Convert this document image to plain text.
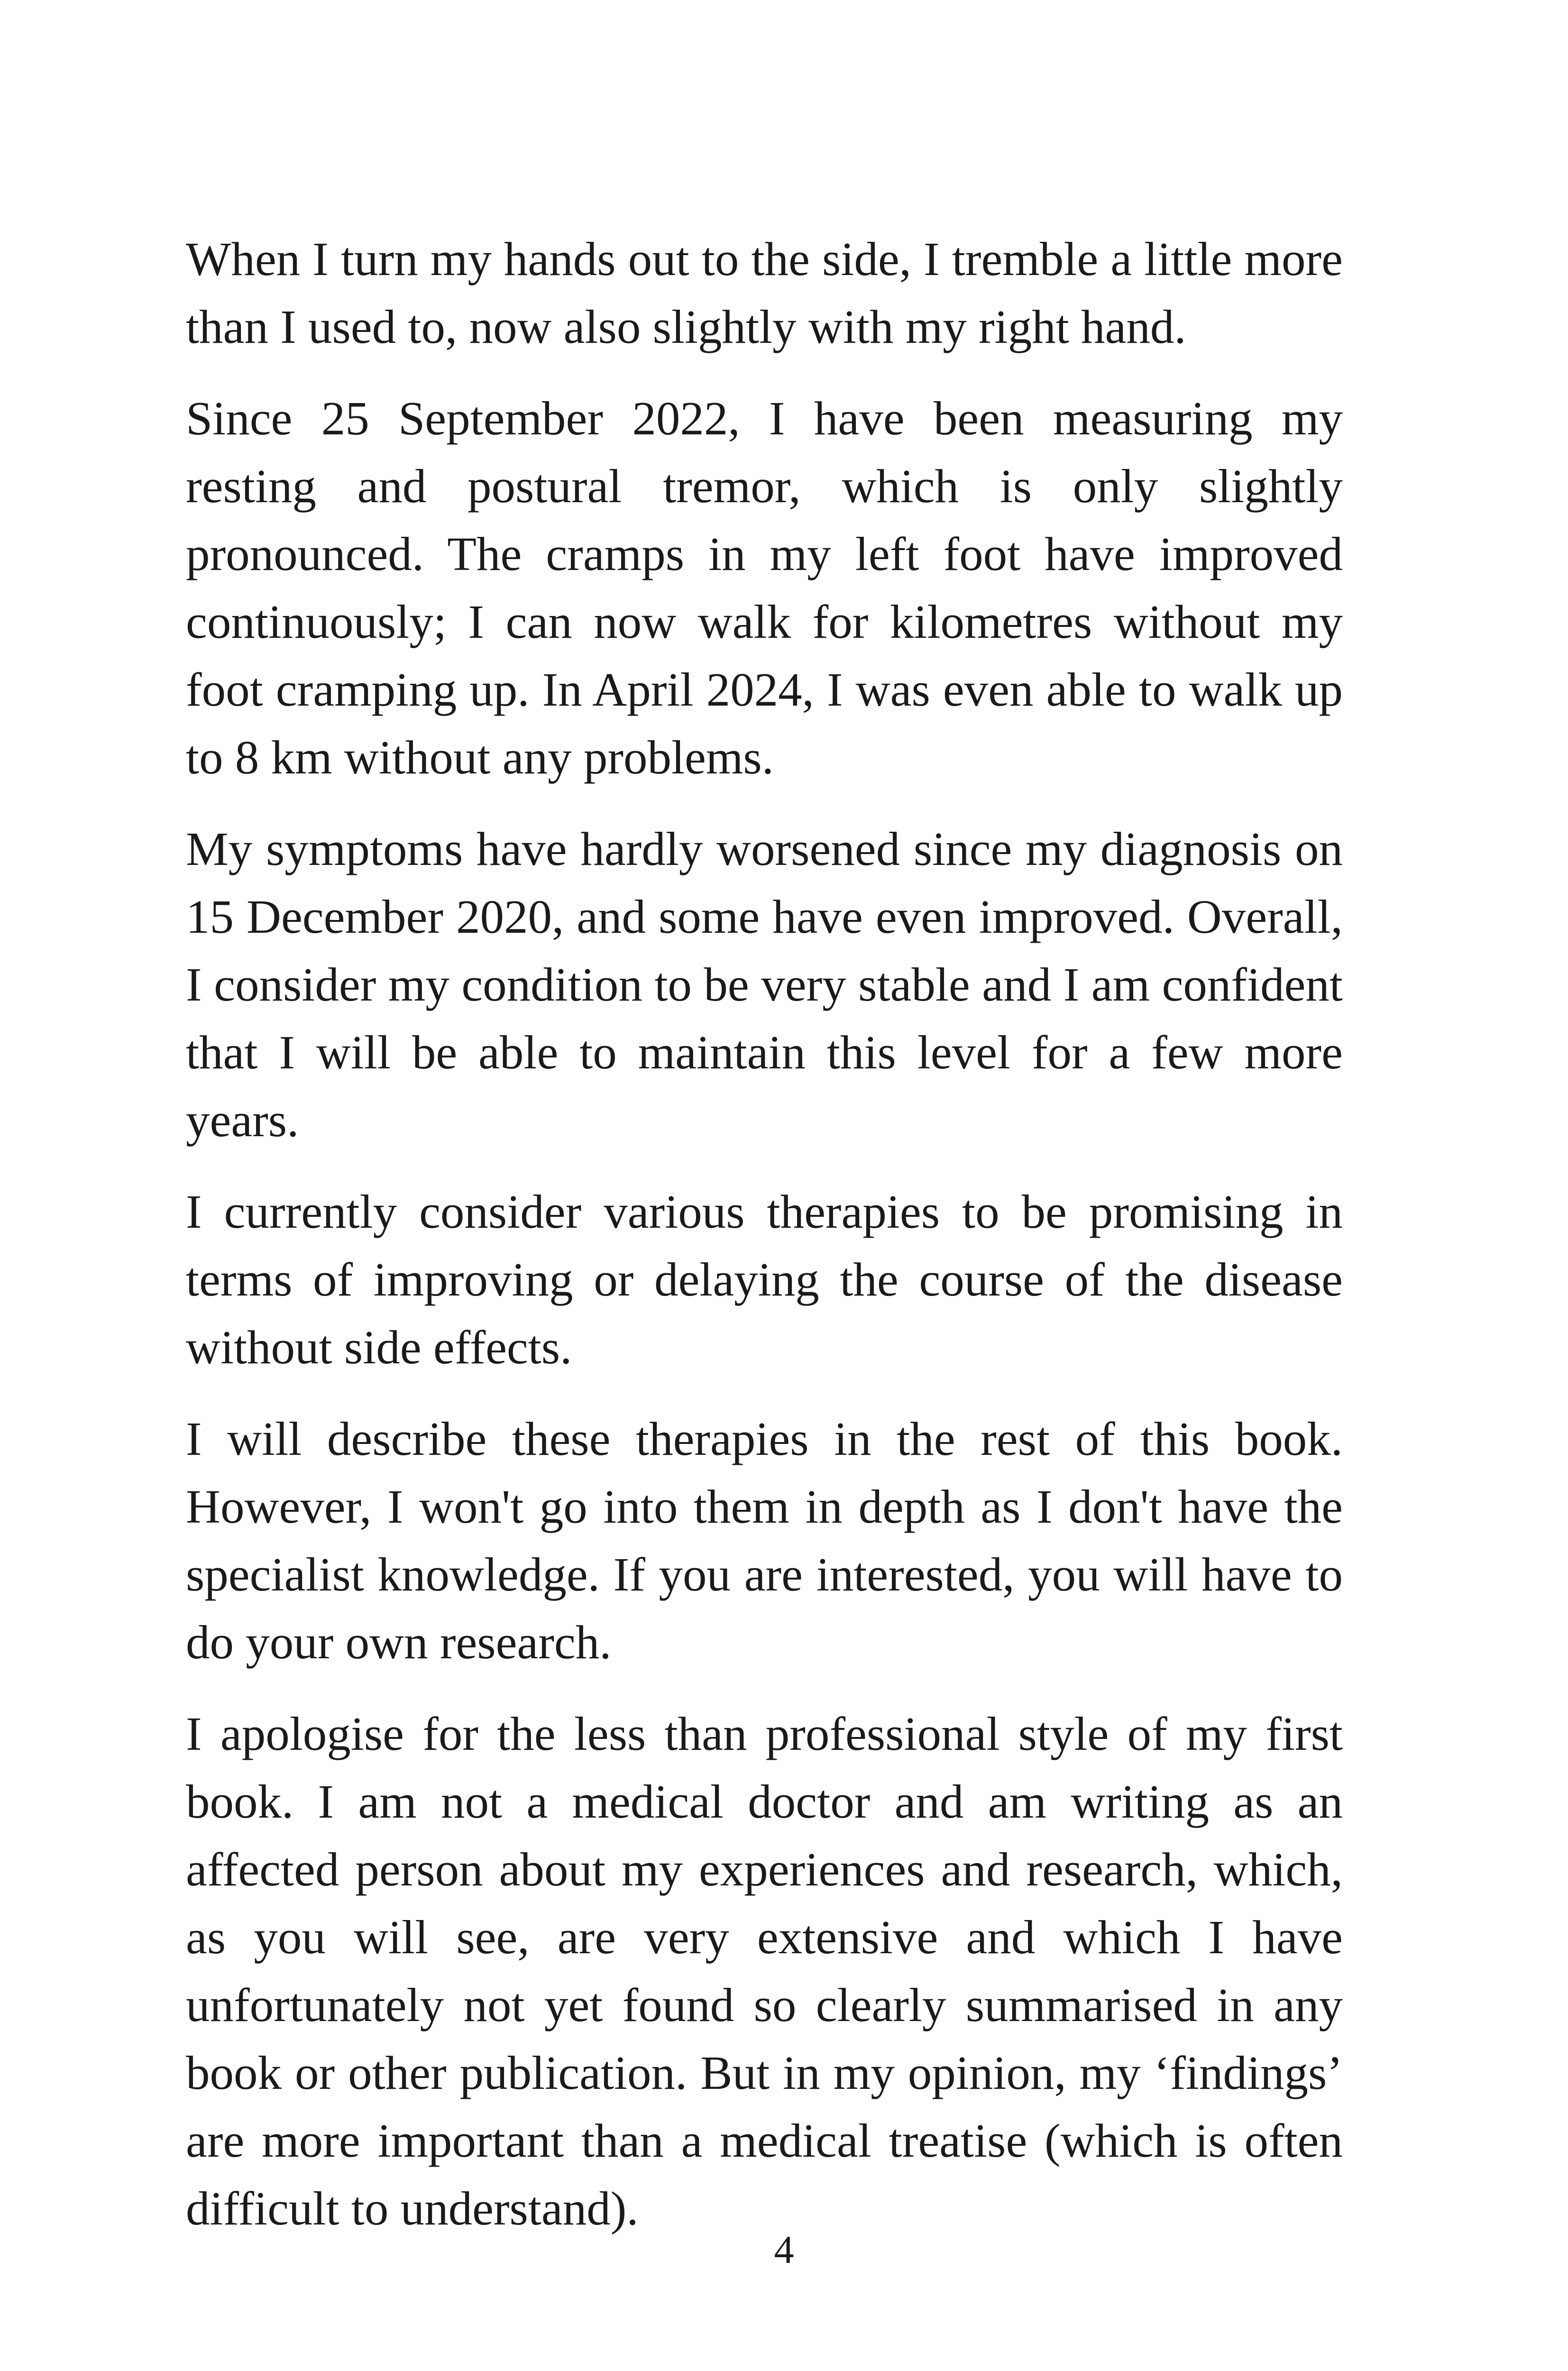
When I turn my hands out to the side, I tremble a little more than I used to, now also slightly with my right hand.

Since 25 September 2022, I have been measuring my resting and postural tremor, which is only slightly pronounced. The cramps in my left foot have improved continuously; I can now walk for kilometres without my foot cramping up. In April 2024, I was even able to walk up to 8 km without any problems.

My symptoms have hardly worsened since my diagnosis on 15 December 2020, and some have even improved. Overall, I consider my condition to be very stable and I am confident that I will be able to maintain this level for a few more years.

I currently consider various therapies to be promising in terms of improving or delaying the course of the disease without side effects.

I will describe these therapies in the rest of this book. However, I won't go into them in depth as I don't have the specialist knowledge. If you are interested, you will have to do your own research.

I apologise for the less than professional style of my first book. I am not a medical doctor and am writing as an affected person about my experiences and research, which, as you will see, are very extensive and which I have unfortunately not yet found so clearly summarised in any book or other publication. But in my opinion, my ‘findings’ are more important than a medical treatise (which is often difficult to understand).

4
